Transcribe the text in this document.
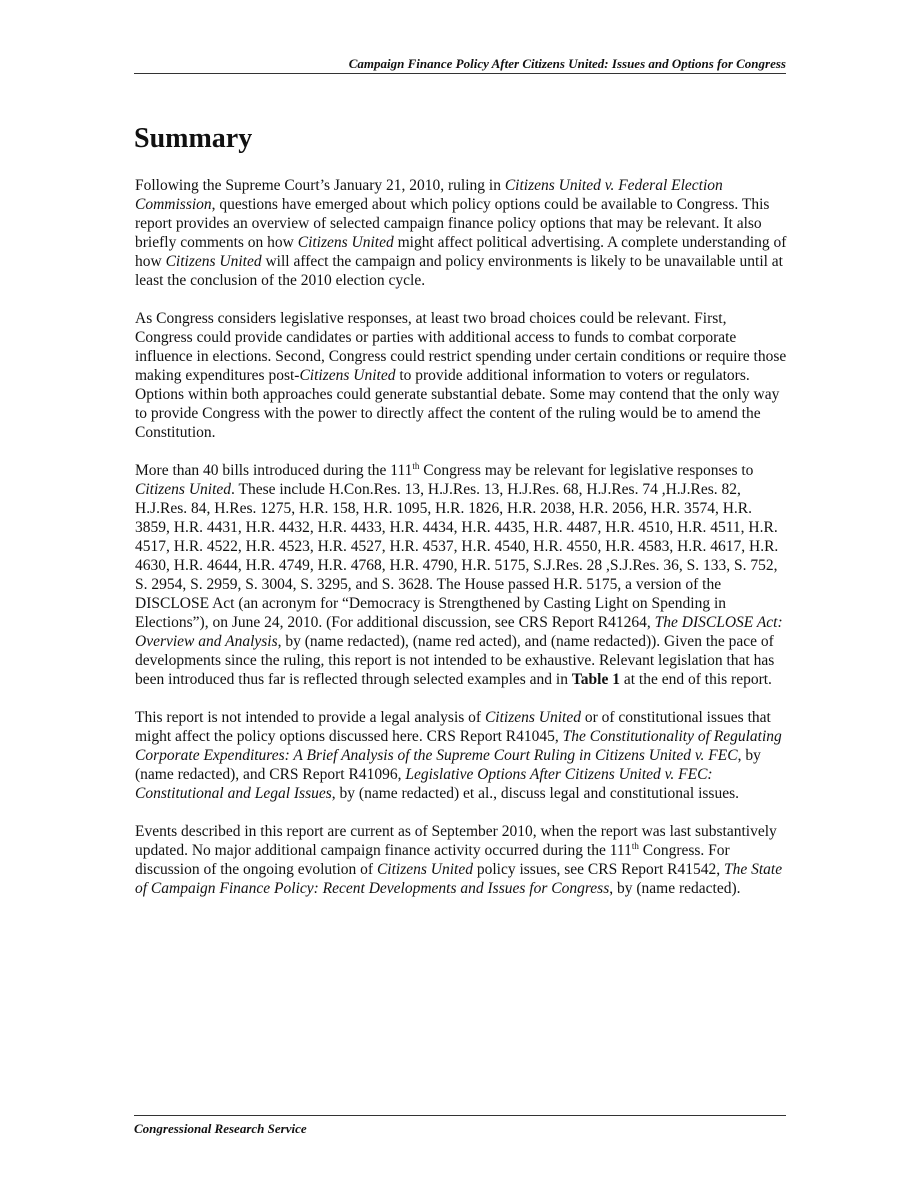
Campaign Finance Policy After Citizens United: Issues and Options for Congress
Summary

Following the Supreme Court’s January 21, 2010, ruling in Citizens United v. Federal Election Commission, questions have emerged about which policy options could be available to Congress. This report provides an overview of selected campaign finance policy options that may be relevant. It also briefly comments on how Citizens United might affect political advertising. A complete understanding of how Citizens United will affect the campaign and policy environments is likely to be unavailable until at least the conclusion of the 2010 election cycle.

As Congress considers legislative responses, at least two broad choices could be relevant. First, Congress could provide candidates or parties with additional access to funds to combat corporate influence in elections. Second, Congress could restrict spending under certain conditions or require those making expenditures post-Citizens United to provide additional information to voters or regulators. Options within both approaches could generate substantial debate. Some may contend that the only way to provide Congress with the power to directly affect the content of the ruling would be to amend the Constitution.

More than 40 bills introduced during the 111th Congress may be relevant for legislative responses to Citizens United. These include H.Con.Res. 13, H.J.Res. 13, H.J.Res. 68, H.J.Res. 74 ,H.J.Res. 82, H.J.Res. 84, H.Res. 1275, H.R. 158, H.R. 1095, H.R. 1826, H.R. 2038, H.R. 2056, H.R. 3574, H.R. 3859, H.R. 4431, H.R. 4432, H.R. 4433, H.R. 4434, H.R. 4435, H.R. 4487, H.R. 4510, H.R. 4511, H.R. 4517, H.R. 4522, H.R. 4523, H.R. 4527, H.R. 4537, H.R. 4540, H.R. 4550, H.R. 4583, H.R. 4617, H.R. 4630, H.R. 4644, H.R. 4749, H.R. 4768, H.R. 4790, H.R. 5175, S.J.Res. 28 ,S.J.Res. 36, S. 133, S. 752, S. 2954, S. 2959, S. 3004, S. 3295, and S. 3628. The House passed H.R. 5175, a version of the DISCLOSE Act (an acronym for “Democracy is Strengthened by Casting Light on Spending in Elections”), on June 24, 2010. (For additional discussion, see CRS Report R41264, The DISCLOSE Act: Overview and Analysis, by (name redacted), (name red acted), and (name redacted)). Given the pace of developments since the ruling, this report is not intended to be exhaustive. Relevant legislation that has been introduced thus far is reflected through selected examples and in Table 1 at the end of this report.

This report is not intended to provide a legal analysis of Citizens United or of constitutional issues that might affect the policy options discussed here. CRS Report R41045, The Constitutionality of Regulating Corporate Expenditures: A Brief Analysis of the Supreme Court Ruling in Citizens United v. FEC, by (name redacted), and CRS Report R41096, Legislative Options After Citizens United v. FEC: Constitutional and Legal Issues, by (name redacted) et al., discuss legal and constitutional issues.

Events described in this report are current as of September 2010, when the report was last substantively updated. No major additional campaign finance activity occurred during the 111th Congress. For discussion of the ongoing evolution of Citizens United policy issues, see CRS Report R41542, The State of Campaign Finance Policy: Recent Developments and Issues for Congress, by (name redacted).

Congressional Research Service
